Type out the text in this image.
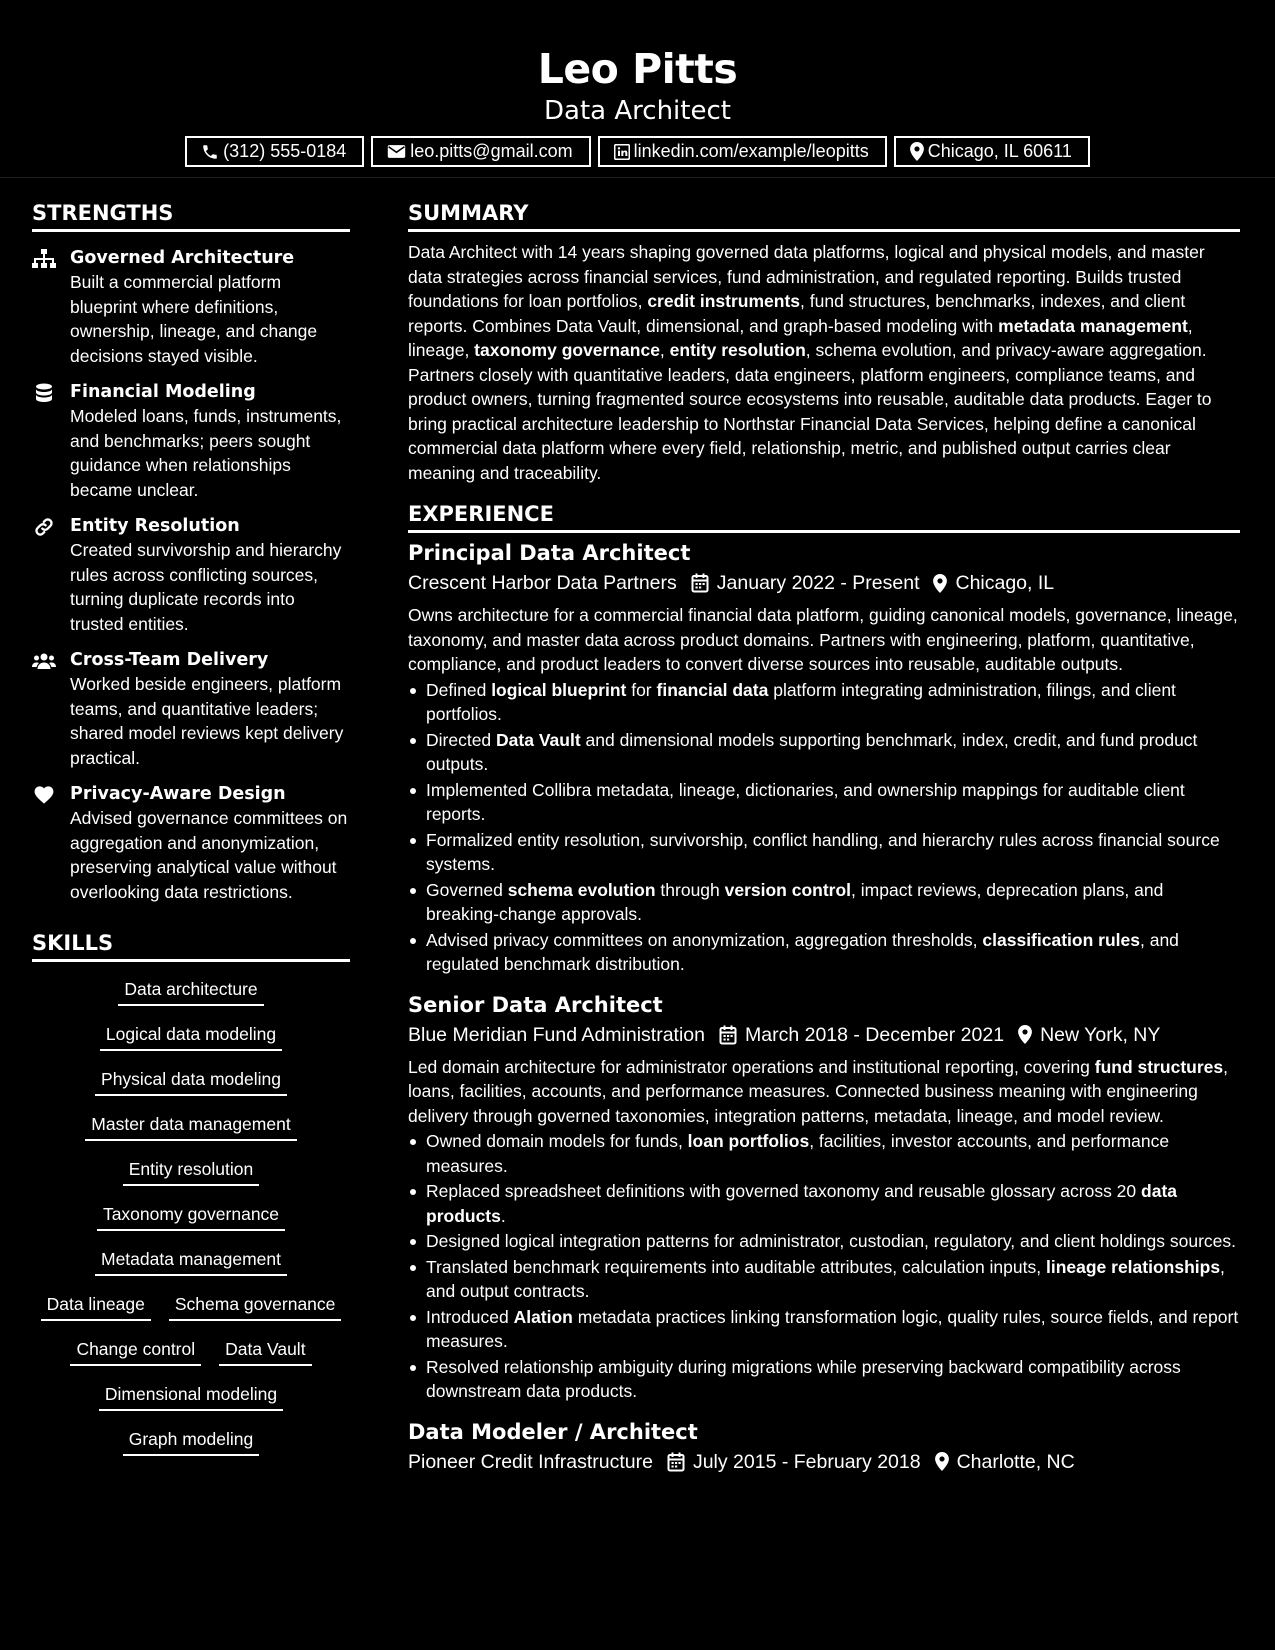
Leo Pitts
Data Architect
(312) 555-0184	leo.pitts@gmail.com	linkedin.com/example/leopitts	Chicago, IL 60611
STRENGTHS
Governed Architecture
Built a commercial platform blueprint where definitions, ownership, lineage, and change decisions stayed visible.
Financial Modeling
Modeled loans, funds, instruments, and benchmarks; peers sought guidance when relationships became unclear.
Entity Resolution
Created survivorship and hierarchy rules across conflicting sources, turning duplicate records into trusted entities.
Cross-Team Delivery
Worked beside engineers, platform teams, and quantitative leaders; shared model reviews kept delivery practical.
Privacy-Aware Design
Advised governance committees on aggregation and anonymization, preserving analytical value without overlooking data restrictions.
SKILLS
Data architecture
Logical data modeling
Physical data modeling
Master data management
Entity resolution
Taxonomy governance
Metadata management
Data lineage	Schema governance
Change control	Data Vault
Dimensional modeling
Graph modeling
SUMMARY
Data Architect with 14 years shaping governed data platforms, logical and physical models, and master data strategies across financial services, fund administration, and regulated reporting. Builds trusted foundations for loan portfolios, credit instruments, fund structures, benchmarks, indexes, and client reports. Combines Data Vault, dimensional, and graph-based modeling with metadata management, lineage, taxonomy governance, entity resolution, schema evolution, and privacy-aware aggregation. Partners closely with quantitative leaders, data engineers, platform engineers, compliance teams, and product owners, turning fragmented source ecosystems into reusable, auditable data products. Eager to bring practical architecture leadership to Northstar Financial Data Services, helping define a canonical commercial data platform where every field, relationship, metric, and published output carries clear meaning and traceability.
EXPERIENCE
Principal Data Architect
Crescent Harbor Data Partners January 2022 - Present Chicago, IL
Owns architecture for a commercial financial data platform, guiding canonical models, governance, lineage, taxonomy, and master data across product domains. Partners with engineering, platform, quantitative, compliance, and product leaders to convert diverse sources into reusable, auditable outputs.
Defined logical blueprint for financial data platform integrating administration, filings, and client portfolios.
Directed Data Vault and dimensional models supporting benchmark, index, credit, and fund product outputs.
Implemented Collibra metadata, lineage, dictionaries, and ownership mappings for auditable client reports.
Formalized entity resolution, survivorship, conflict handling, and hierarchy rules across financial source systems.
Governed schema evolution through version control, impact reviews, deprecation plans, and breaking-change approvals.
Advised privacy committees on anonymization, aggregation thresholds, classification rules, and regulated benchmark distribution.
Senior Data Architect
Blue Meridian Fund Administration March 2018 - December 2021 New York, NY
Led domain architecture for administrator operations and institutional reporting, covering fund structures, loans, facilities, accounts, and performance measures. Connected business meaning with engineering delivery through governed taxonomies, integration patterns, metadata, lineage, and model review.
Owned domain models for funds, loan portfolios, facilities, investor accounts, and performance measures.
Replaced spreadsheet definitions with governed taxonomy and reusable glossary across 20 data products.
Designed logical integration patterns for administrator, custodian, regulatory, and client holdings sources.
Translated benchmark requirements into auditable attributes, calculation inputs, lineage relationships, and output contracts.
Introduced Alation metadata practices linking transformation logic, quality rules, source fields, and report measures.
Resolved relationship ambiguity during migrations while preserving backward compatibility across downstream data products.
Data Modeler / Architect
Pioneer Credit Infrastructure July 2015 - February 2018 Charlotte, NC
